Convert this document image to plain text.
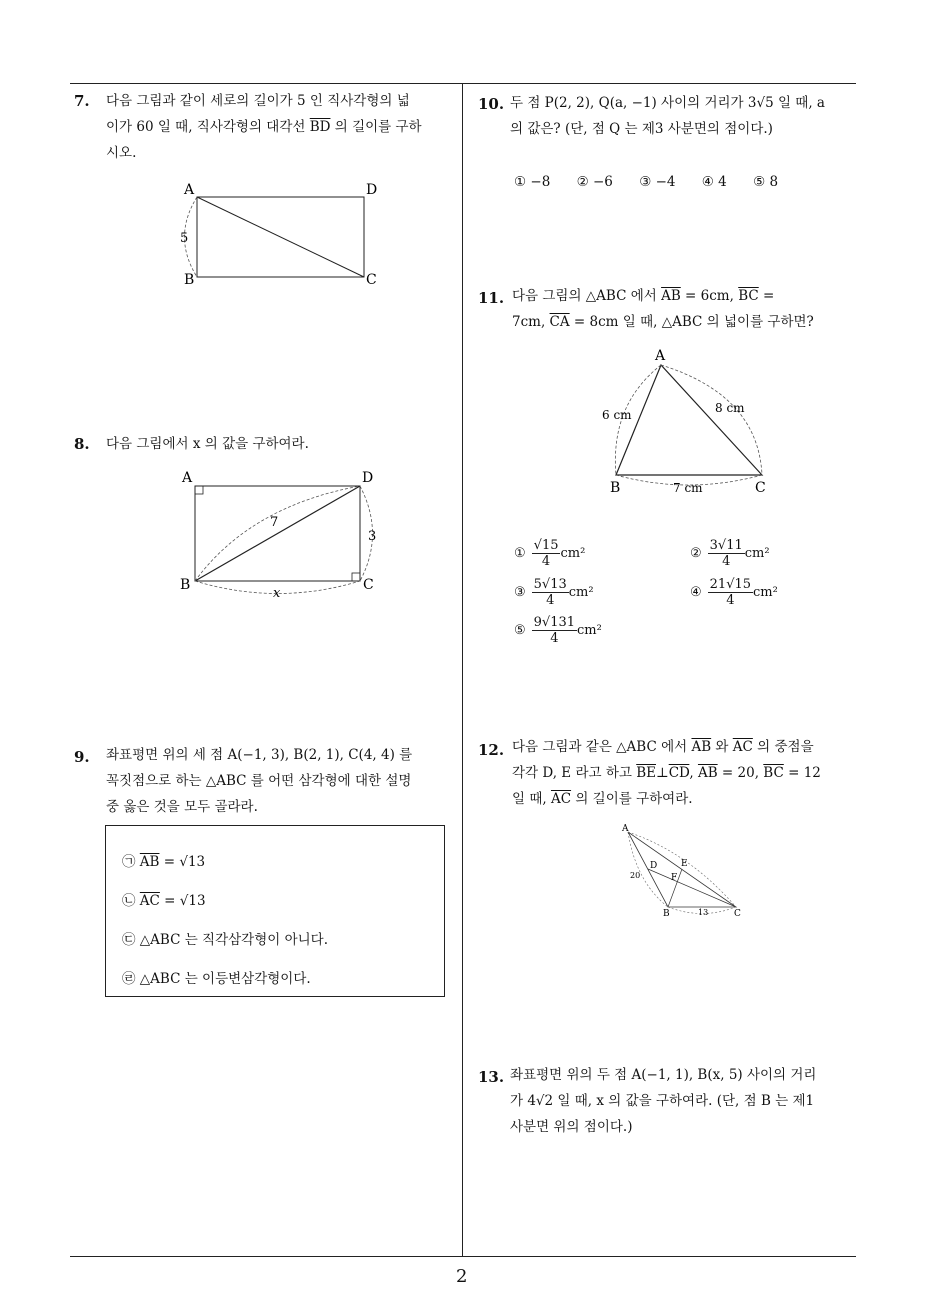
7. 다음 그림과 같이 세로의 길이가 5 인 직사각형의 넓
이가 60 일 때, 직사각형의 대각선 $\overline{BD}$ 의 길이를 구하
시오.
A	D
B	C
5
8. 다음 그림에서 x 의 값을 구하여라.
A	D
B	C
7
3
x
9. 좌표평면 위의 세 점 A(−1, 3), B(2, 1), C(4, 4) 를
꼭짓점으로 하는 △ABC 를 어떤 삼각형에 대한 설명
중 옳은 것을 모두 골라라.
㉠ $\overline{AB} = √13$
㉡ $\overline{AC} = √13$
㉢ △ABC 는 직각삼각형이 아니다.
㉣ △ABC 는 이등변삼각형이다.
10. 두 점 P(2, 2), Q(a, −1) 사이의 거리가 3√5 일 때, a
의 값은? (단, 점 Q 는 제3 사분면의 점이다.)
① −8 ② −6 ③ −4 ④ 4 ⑤ 8
11. 다음 그림의 △ABC 에서 $\overline{AB} = 6cm$, $\overline{BC}$ =
7cm, $\overline{CA} = 8cm$ 일 때, △ABC 의 넓이를 구하면?
A
B	C
6 cm	8 cm
7 cm
① $\frac{√15}{4} cm^2$	② $\frac{3√11}{4} cm^2$
③ $\frac{5√13}{4} cm^2$	④ $\frac{21√15}{4} cm^2$
⑤ $\frac{9√131}{4} cm^2$
12. 다음 그림과 같은 △ABC 에서 $\overline{AB}$ 와 $\overline{AC}$ 의 중점을
각각 D, E 라고 하고 $\overline{BE}\perp\overline{CD}$, $\overline{AB} = 20$, $\overline{BC} = 12$
일 때, $\overline{AC}$ 의 길이를 구하여라.
A
B	C
D	E
F
20
13
13. 좌표평면 위의 두 점 A(−1, 1), B(x, 5) 사이의 거리
가 4√2 일 때, x 의 값을 구하여라. (단, 점 B 는 제1
사분면 위의 점이다.)
2
